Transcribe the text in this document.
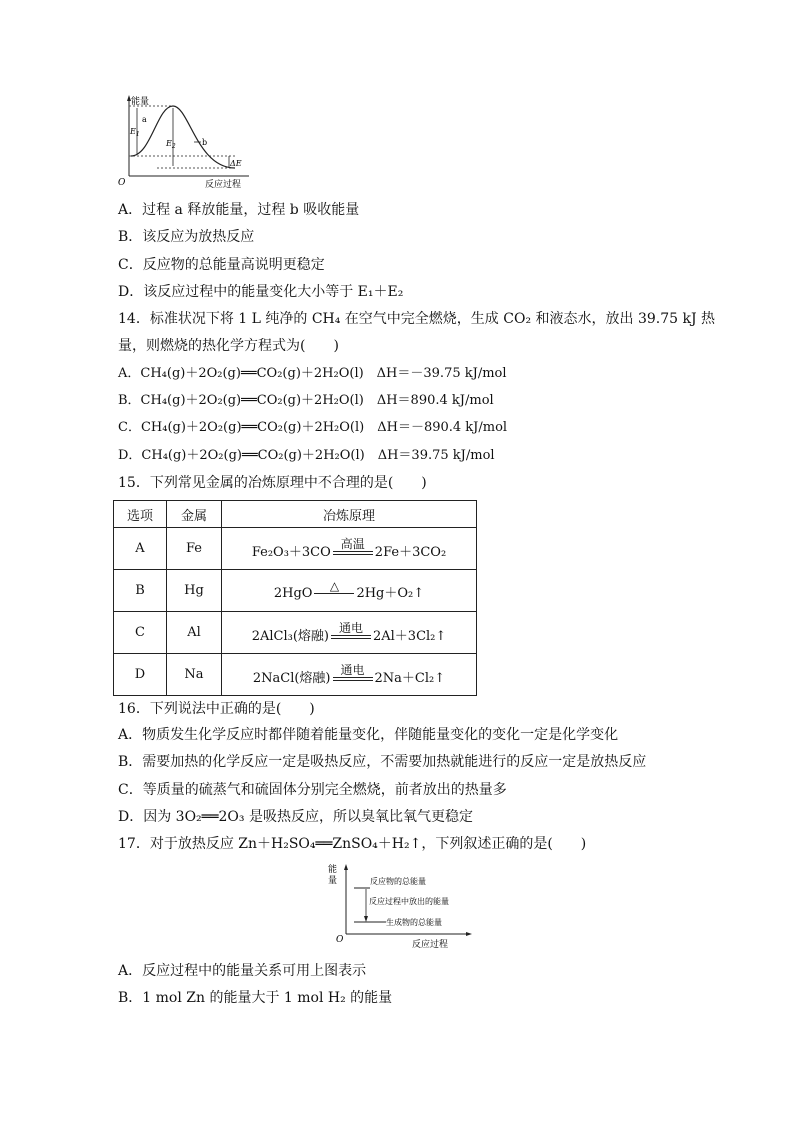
能量
O	反应过程
$E_1$
a
$E_2$	b
ΔE
A．过程 a 释放能量，过程 b 吸收能量
B．该反应为放热反应
C．反应物的总能量高说明更稳定
D．该反应过程中的能量变化大小等于 E₁＋E₂
14．标准状况下将 1 L 纯净的 CH₄ 在空气中完全燃烧，生成 CO₂ 和液态水，放出 39.75 kJ 热
量，则燃烧的热化学方程式为(　　)
A．CH₄(g)＋2O₂(g)══CO₂(g)＋2H₂O(l)　ΔH＝－39.75 kJ/mol
B．CH₄(g)＋2O₂(g)══CO₂(g)＋2H₂O(l)　ΔH＝890.4 kJ/mol
C．CH₄(g)＋2O₂(g)══CO₂(g)＋2H₂O(l)　ΔH＝－890.4 kJ/mol
D．CH₄(g)＋2O₂(g)══CO₂(g)＋2H₂O(l)　ΔH＝39.75 kJ/mol
15．下列常见金属的冶炼原理中不合理的是(　　)
选项	金属	冶炼原理
A	Fe	Fe₂O₃＋3CO
高温
2Fe＋3CO₂

B	Hg	2HgO △ 2Hg＋O₂↑

C	Al	2AlCl₃(熔融)
通电
2Al＋3Cl₂↑

D	Na	2NaCl(熔融)
通电
2Na＋Cl₂↑
16．下列说法中正确的是(　　)
A．物质发生化学反应时都伴随着能量变化，伴随能量变化的变化一定是化学变化
B．需要加热的化学反应一定是吸热反应，不需要加热就能进行的反应一定是放热反应
C．等质量的硫蒸气和硫固体分别完全燃烧，前者放出的热量多
D．因为 3O₂══2O₃ 是吸热反应，所以臭氧比氧气更稳定
17．对于放热反应 Zn＋H₂SO₄══ZnSO₄＋H₂↑，下列叙述正确的是(　　)
能
量
O	反应过程
反应物的总能量
反应过程中放出的能量
生成物的总能量
A．反应过程中的能量关系可用上图表示
B．1 mol Zn 的能量大于 1 mol H₂ 的能量
